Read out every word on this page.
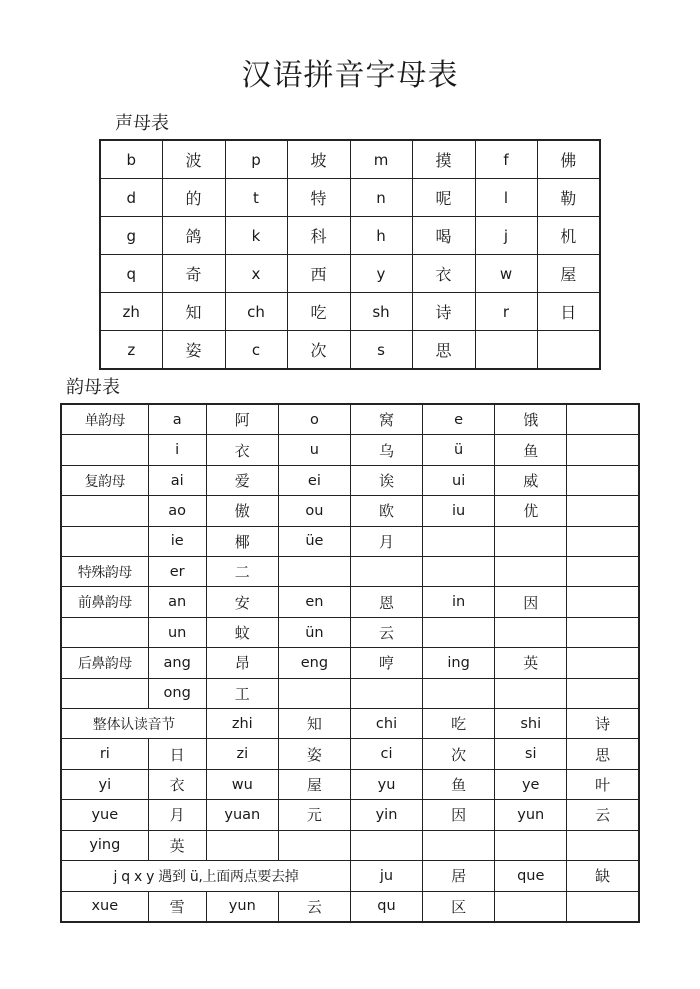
汉语拼音字母表
声母表
b	波	p	坡	m	摸	f	佛
d	的	t	特	n	呢	l	勒
g	鸽	k	科	h	喝	j	机
q	奇	x	西	y	衣	w	屋
zh	知	ch	吃	sh	诗	r	日
z	姿	c	次	s	思		
韵母表
单韵母	a	阿	o	窝	e	饿	
	i	衣	u	乌	ü	鱼	
复韵母	ai	爱	ei	诶	ui	威	
	ao	傲	ou	欧	iu	优	
	ie	椰	üe	月			
特殊韵母	er	二					
前鼻韵母	an	安	en	恩	in	因	
	un	蚊	ün	云			
后鼻韵母	ang	昂	eng	哼	ing	英	
	ong	工					
整体认读音节		zhi	知	chi	吃	shi	诗
ri	日	zi	姿	ci	次	si	思
yi	衣	wu	屋	yu	鱼	ye	叶
yue	月	yuan	元	yin	因	yun	云
ying	英						
j q x y 遇到 ü,上面两点要去掉				ju	居	que	缺
xue	雪	yun	云	qu	区		
